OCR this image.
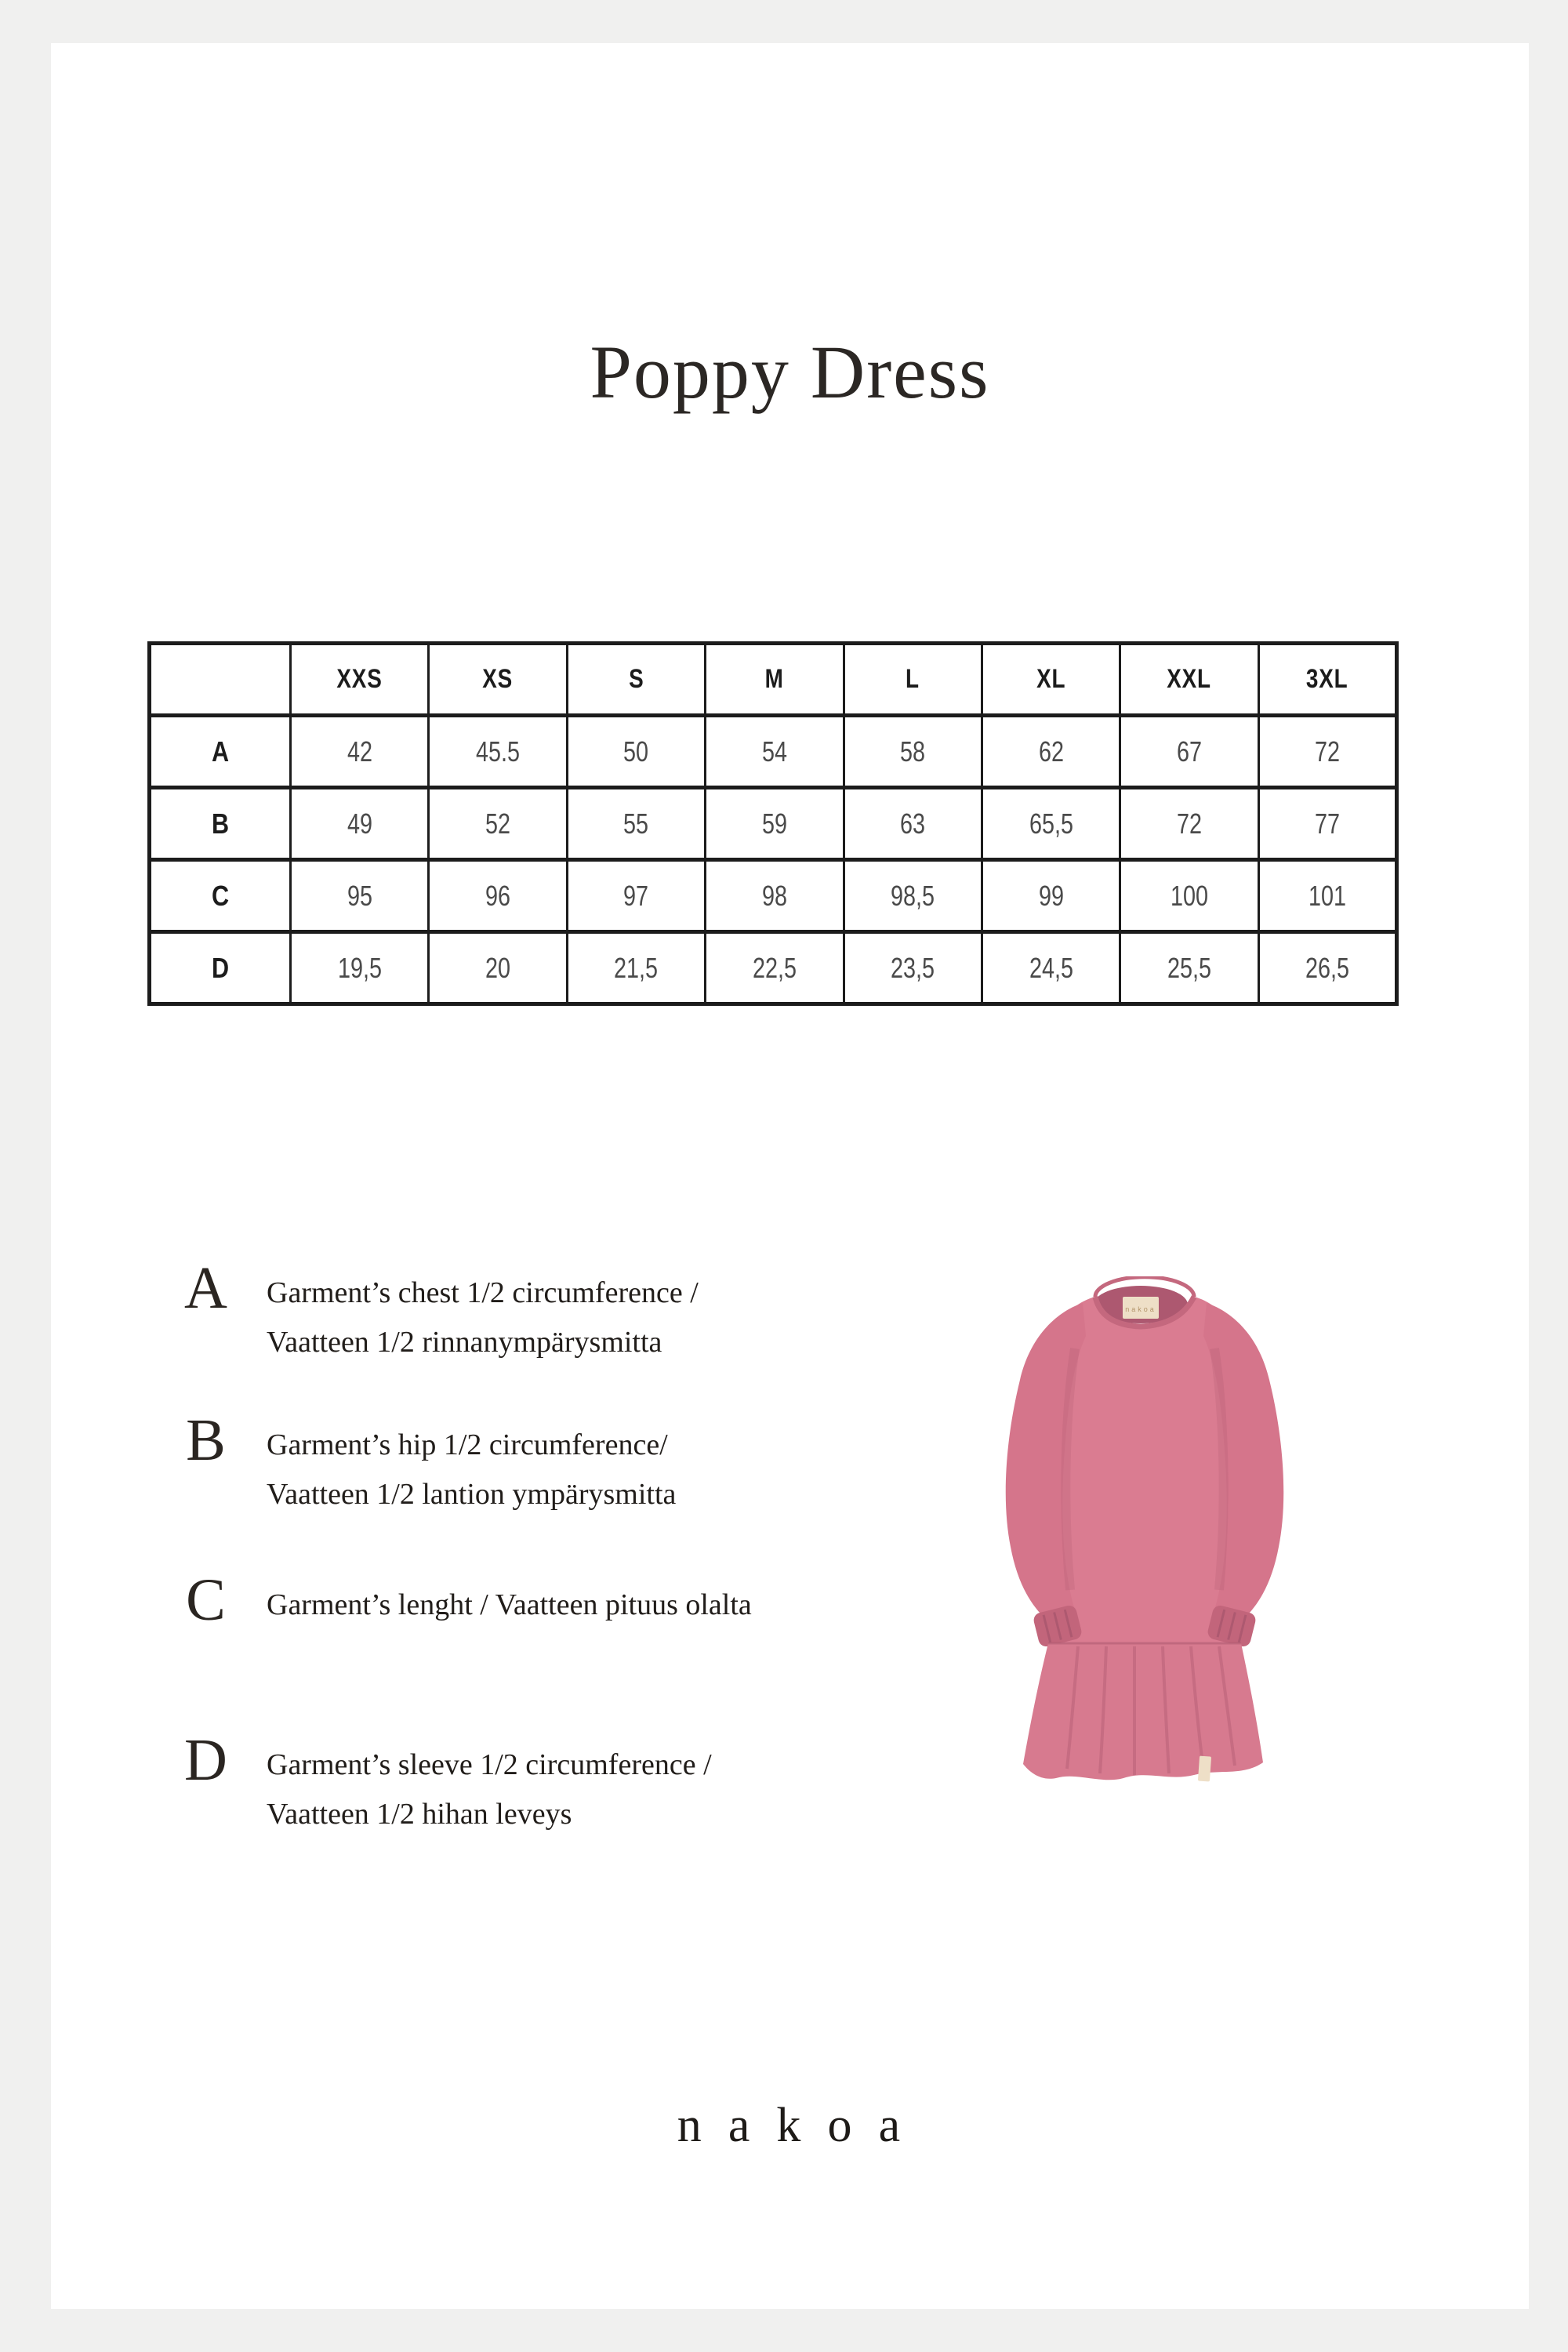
Poppy Dress
	XXS	XS	S	M	L	XL	XXL	3XL
A	42	45.5	50	54	58	62	67	72
B	49	52	55	59	63	65,5	72	77
C	95	96	97	98	98,5	99	100	101
D	19,5	20	21,5	22,5	23,5	24,5	25,5	26,5
A	Garment’s chest 1/2 circumference /
Vaatteen 1/2 rinnanympärysmitta
B	Garment’s hip 1/2 circumference/
Vaatteen 1/2 lantion ympärysmitta
C	Garment’s lenght / Vaatteen pituus olalta
D	Garment’s sleeve 1/2 circumference /
Vaatteen 1/2 hihan leveys
nakoa
nakoa
